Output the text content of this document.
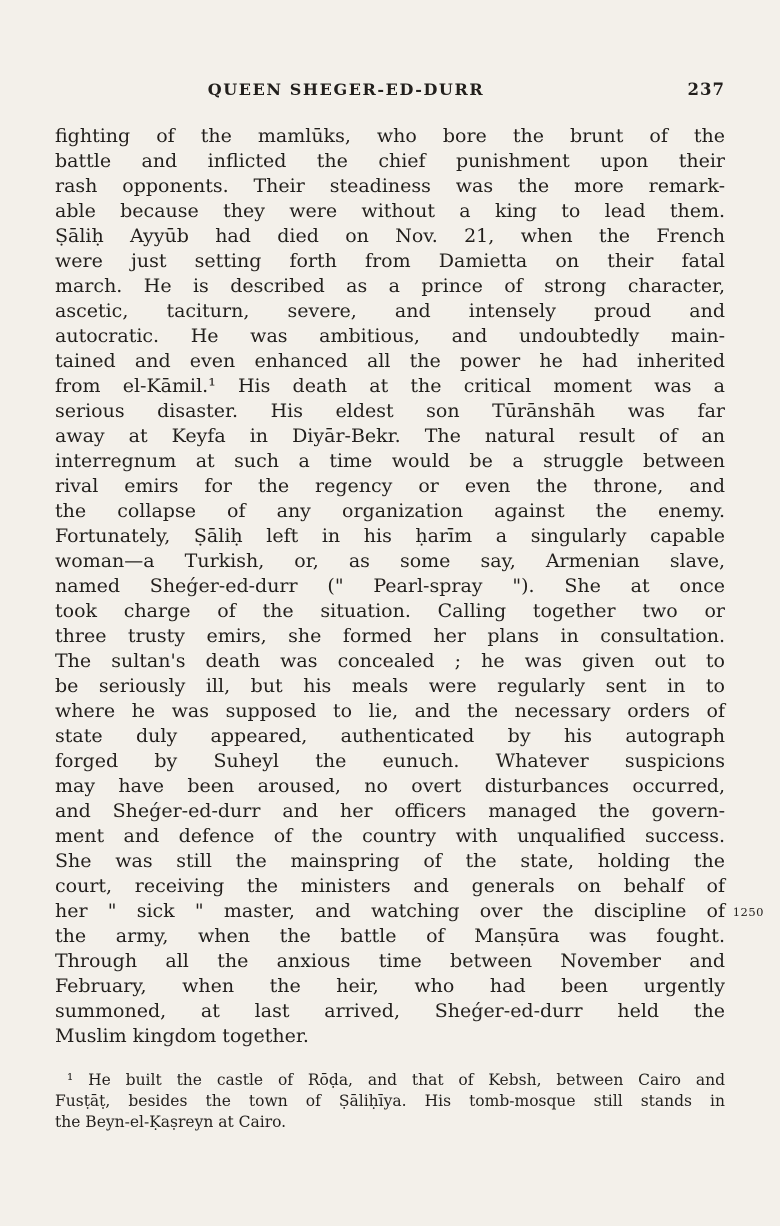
QUEEN SHEGER-ED-DURR	237
fighting of the mamlūks, who bore the brunt of the
battle and inflicted the chief punishment upon their
rash opponents. Their steadiness was the more remark-
able because they were without a king to lead them.
Ṣāliḥ Ayyūb had died on Nov. 21, when the French
were just setting forth from Damietta on their fatal
march. He is described as a prince of strong character,
ascetic, taciturn, severe, and intensely proud and
autocratic. He was ambitious, and undoubtedly main-
tained and even enhanced all the power he had inherited
from el-Kāmil.¹ His death at the critical moment was a
serious disaster. His eldest son Tūrānshāh was far
away at Keyfa in Diyār-Bekr. The natural result of an
interregnum at such a time would be a struggle between
rival emirs for the regency or even the throne, and
the collapse of any organization against the enemy.
Fortunately, Ṣāliḥ left in his ḥarīm a singularly capable
woman—a Turkish, or, as some say, Armenian slave,
named Sheǵer-ed-durr (" Pearl-spray "). She at once
took charge of the situation. Calling together two or
three trusty emirs, she formed her plans in consultation.
The sultan's death was concealed ; he was given out to
be seriously ill, but his meals were regularly sent in to
where he was supposed to lie, and the necessary orders of
state duly appeared, authenticated by his autograph
forged by Suheyl the eunuch. Whatever suspicions
may have been aroused, no overt disturbances occurred,
and Sheǵer-ed-durr and her officers managed the govern-
ment and defence of the country with unqualified success.
She was still the mainspring of the state, holding the
court, receiving the ministers and generals on behalf of
her " sick " master, and watching over the discipline of
the army, when the battle of Manṣūra was fought.
Through all the anxious time between November and
February, when the heir, who had been urgently
summoned, at last arrived, Sheǵer-ed-durr held the
Muslim kingdom together.
1250
¹ He built the castle of Rōḍa, and that of Kebsh, between Cairo and
Fusṭāṭ, besides the town of Ṣāliḥīya. His tomb-mosque still stands in
the Beyn-el-Ḳaṣreyn at Cairo.
